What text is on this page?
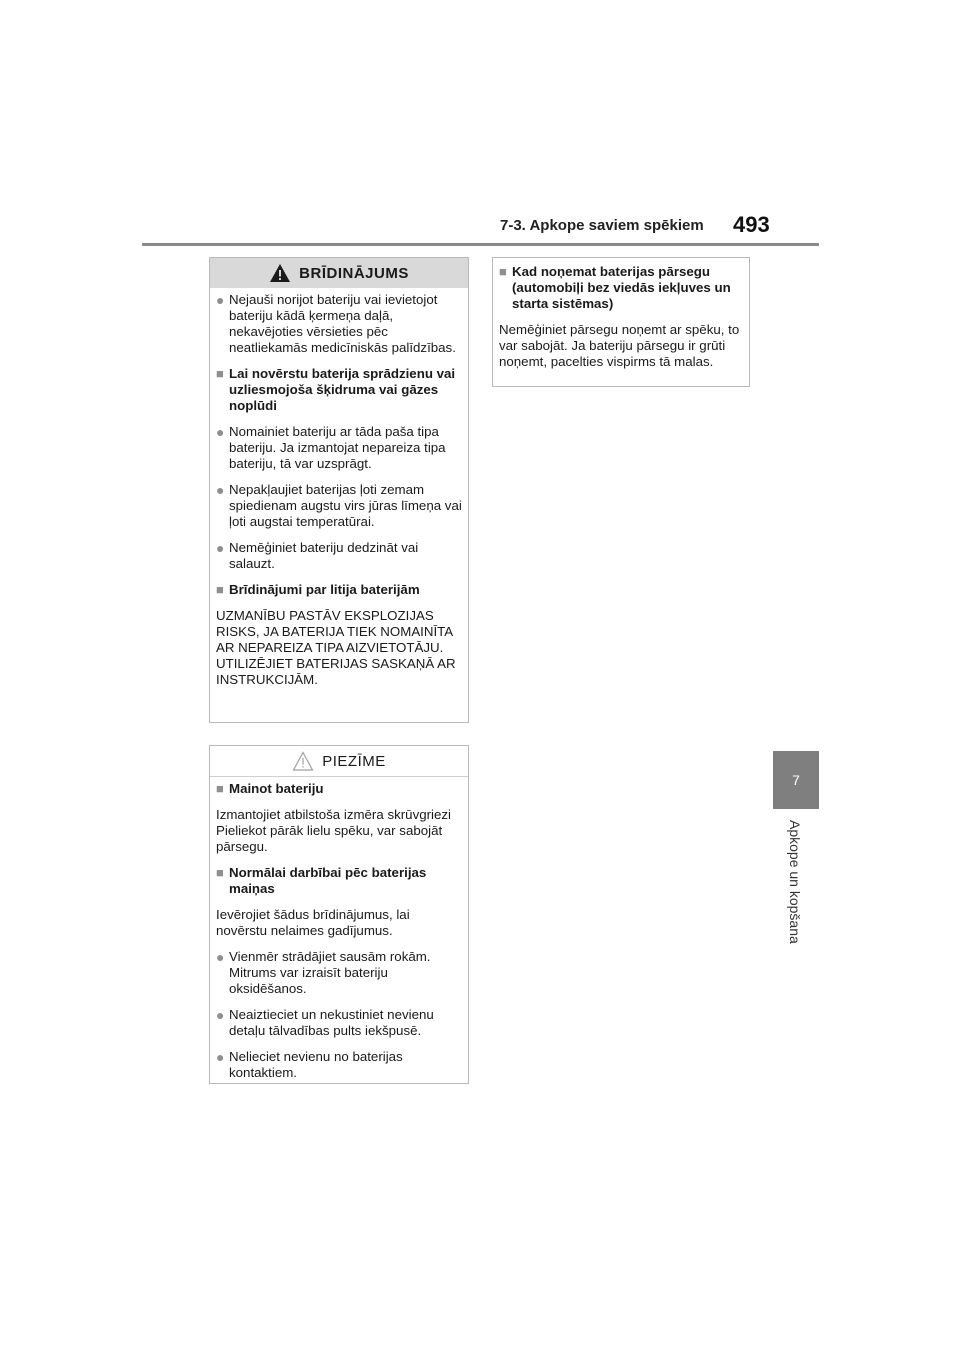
7-3. Apkope saviem spēkiem 493
7
Apkope un kopšana
BRĪDINĀJUMS
● Nejauši norijot bateriju vai ievietojot bateriju kādā ķermeņa daļā, nekavējoties vērsieties pēc neatliekamās medicīniskās palīdzības.
■ Lai novērstu baterija sprādzienu vai uzliesmojoša šķidruma vai gāzes noplūdi
● Nomainiet bateriju ar tāda paša tipa bateriju. Ja izmantojat nepareiza tipa bateriju, tā var uzsprāgt.
● Nepakļaujiet baterijas ļoti zemam spiedienam augstu virs jūras līmeņa vai ļoti augstai temperatūrai.
● Nemēģiniet bateriju dedzināt vai salauzt.
■ Brīdinājumi par litija baterijām
UZMANĪBU PASTĀV EKSPLOZIJAS RISKS, JA BATERIJA TIEK NOMAINĪTA AR NEPAREIZA TIPA AIZVIETOTĀJU. UTILIZĒJIET BATERIJAS SASKAŅĀ AR INSTRUKCIJĀM.
PIEZĪME
■ Mainot bateriju
Izmantojiet atbilstoša izmēra skrūvgriezi Pieliekot pārāk lielu spēku, var sabojāt pārsegu.
■ Normālai darbībai pēc baterijas maiņas
Ievērojiet šādus brīdinājumus, lai novērstu nelaimes gadījumus.
● Vienmēr strādājiet sausām rokām. Mitrums var izraisīt bateriju oksidēšanos.
● Neaiztieciet un nekustiniet nevienu detaļu tālvadības pults iekšpusē.
● Nelieciet nevienu no baterijas kontaktiem.
■ Kad noņemat baterijas pārsegu (automobiļi bez viedās iekļuves un starta sistēmas)
Nemēģiniet pārsegu noņemt ar spēku, to var sabojāt. Ja bateriju pārsegu ir grūti noņemt, pacelties vispirms tā malas.
